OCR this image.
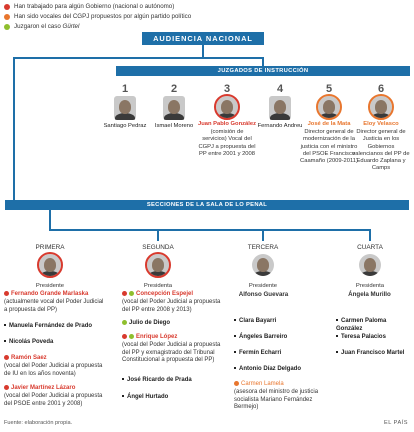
Han trabajado para algún Gobierno (nacional o autónomo)
Han sido vocales del CGPJ propuestos por algún partido político
Juzgaron el caso Gürtel
AUDIENCIA NACIONAL
JUZGADOS DE INSTRUCCIÓN
1
Santiago Pedraz
2
Ismael Moreno
3
Juan Pablo González
(comisión de servicios) Vocal del CGPJ a propuesta del PP entre 2001 y 2008
4
Fernando Andreu
5
José de la Mata
Director general de modernización de la justicia con el ministro del PSOE Francisco Caamaño (2009-2011)
6
Eloy Velasco
Director general de Justicia en los Gobiernos valencianos del PP de Eduardo Zaplana y Camps
SECCIONES DE LA SALA DE LO PENAL
PRIMERA	SEGUNDA	TERCERA	CUARTA
Presidente	Presidenta	Presidente	Presidenta
Fernando Grande Marlaska
(actualmente vocal del Poder Judicial a propuesta del PP)
Manuela Fernández de Prado
Nicolás Poveda
Ramón Saez
(vocal del Poder Judicial a propuesta de IU en los años noventa)
Javier Martínez Lázaro
(vocal del Poder Judicial a propuesta del PSOE entre 2001 y 2008)
Concepción Espejel
(vocal del Poder Judicial a propuesta del PP entre 2008 y 2013)
Julio de Diego
Enrique López
(vocal del Poder Judicial a propuesta del PP y exmagistrado del Tribunal Constitucional a propuesta del PP)
José Ricardo de Prada
Ángel Hurtado
Alfonso Guevara
Clara Bayarri
Ángeles Barreiro
Fermín Echarri
Antonio Díaz Delgado
Carmen Lamela
(asesora del ministro de justicia socialista Mariano Fernández Bermejo)
Ángela Murillo
Carmen Paloma González
Teresa Palacios
Juan Francisco Martel
Fuente: elaboración propia.	EL PAÍS
